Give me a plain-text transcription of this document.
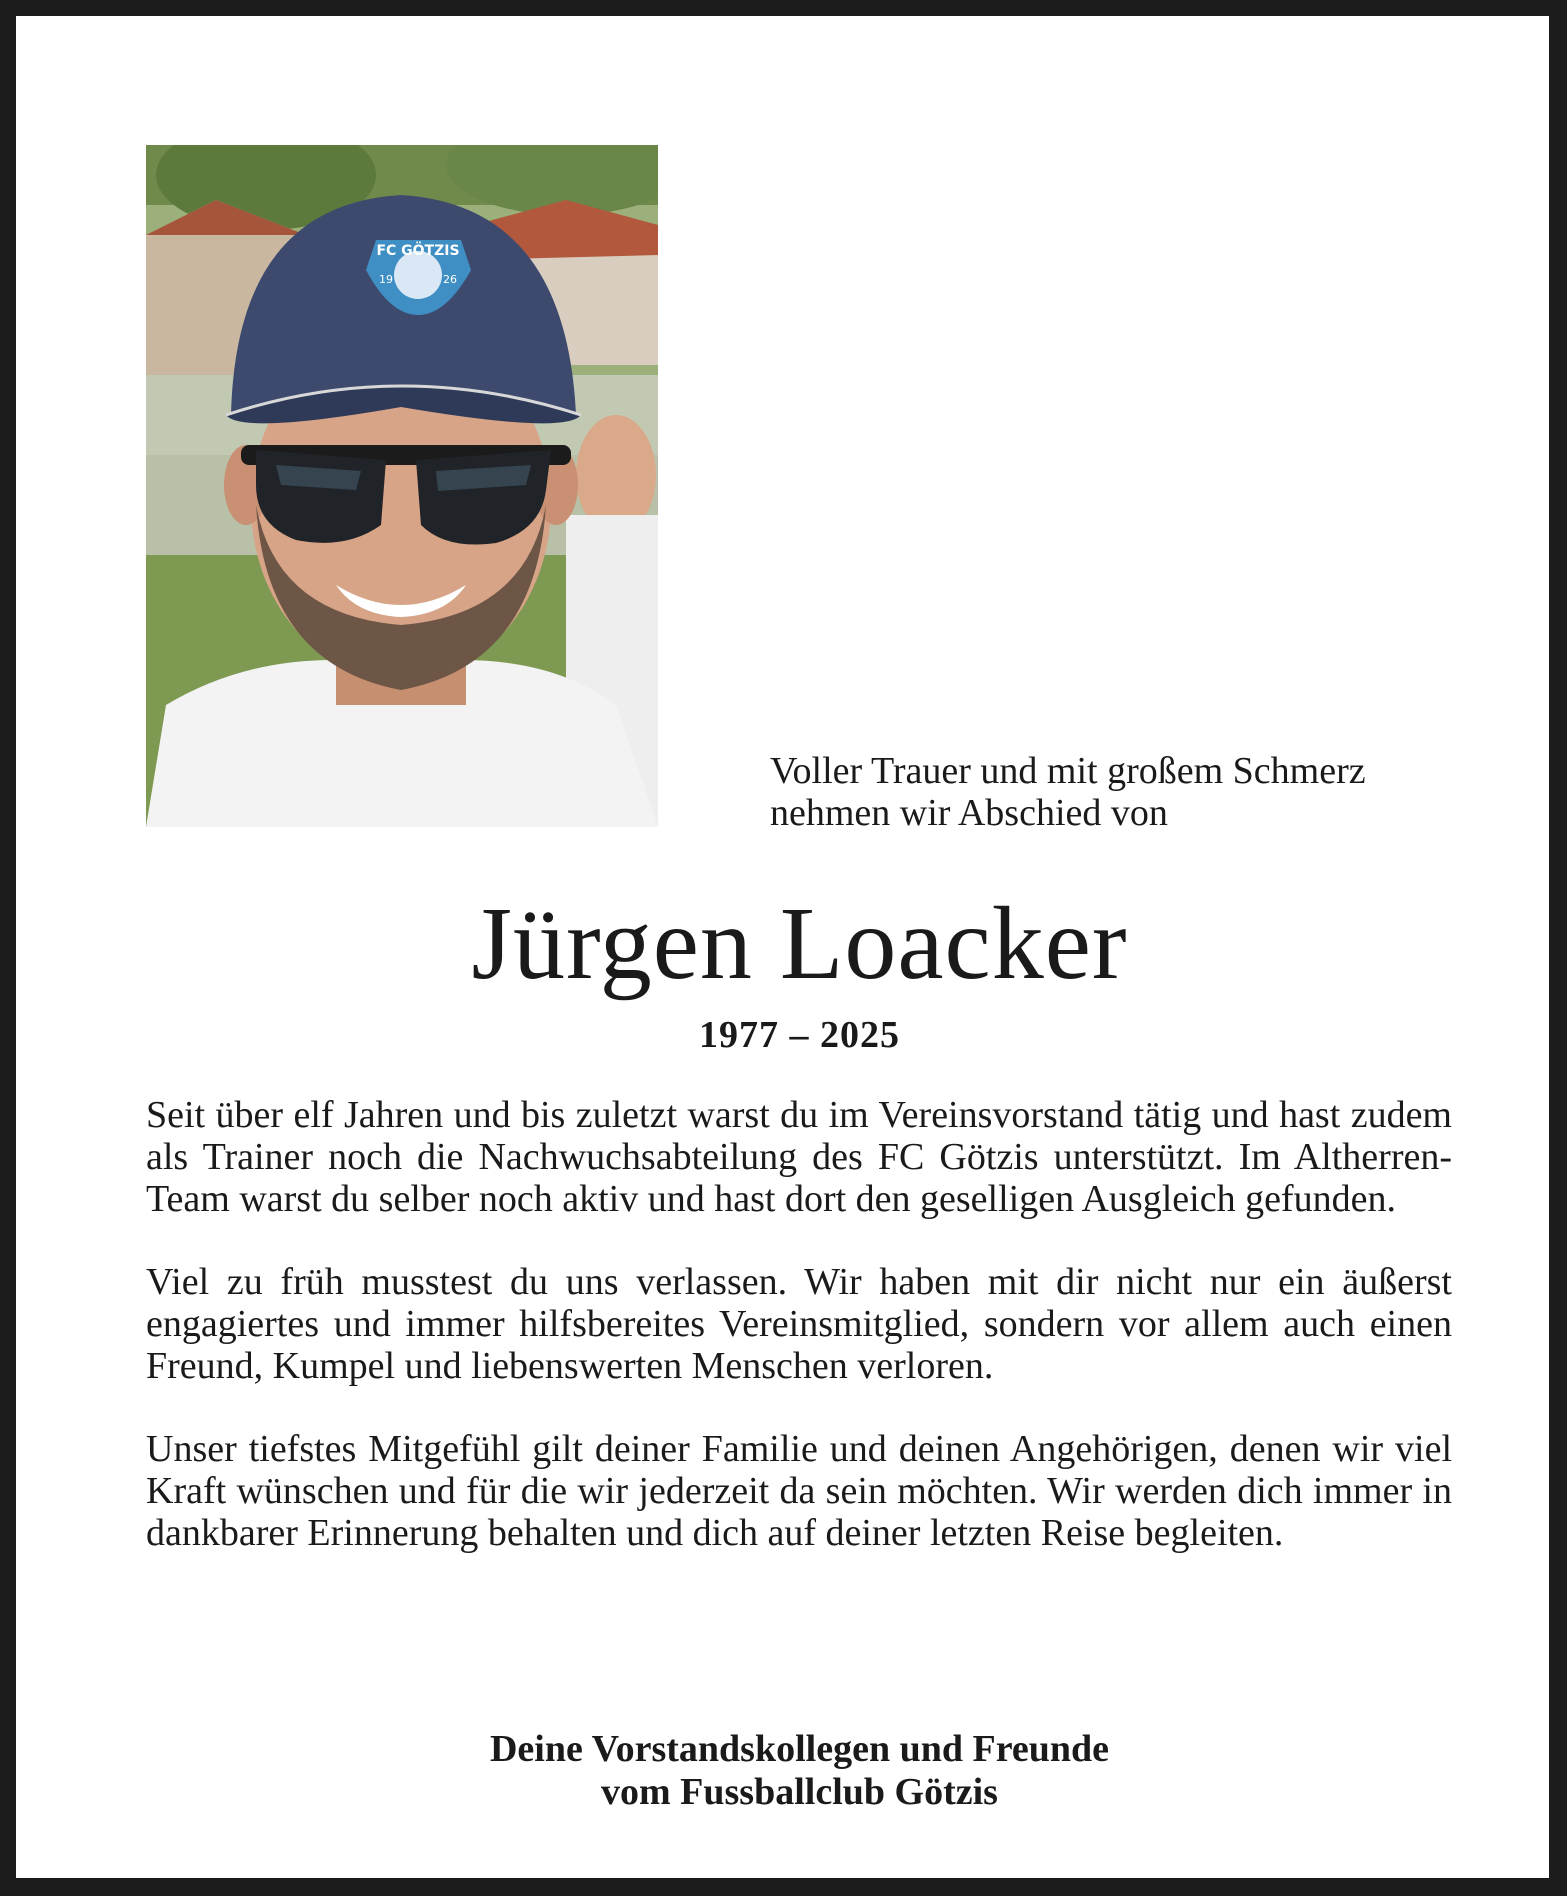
FC GÖTZIS
19	26
Voller Trauer und mit großem Schmerz
nehmen wir Abschied von
Jürgen Loacker
1977 – 2025

Seit über elf Jahren und bis zuletzt warst du im Vereinsvorstand tätig und hast zudem als Trainer noch die Nachwuchsabteilung des FC Götzis unterstützt. Im Altherren-Team warst du selber noch aktiv und hast dort den geselligen Ausgleich gefunden.

Viel zu früh musstest du uns verlassen. Wir haben mit dir nicht nur ein äußerst engagiertes und immer hilfsbereites Vereinsmitglied, sondern vor allem auch einen Freund, Kumpel und liebenswerten Menschen verloren.

Unser tiefstes Mitgefühl gilt deiner Familie und deinen Angehörigen, denen wir viel Kraft wünschen und für die wir jederzeit da sein möchten. Wir werden dich immer in dankbarer Erinnerung behalten und dich auf deiner letzten Reise begleiten.

Deine Vorstandskollegen und Freunde
vom Fussballclub Götzis
